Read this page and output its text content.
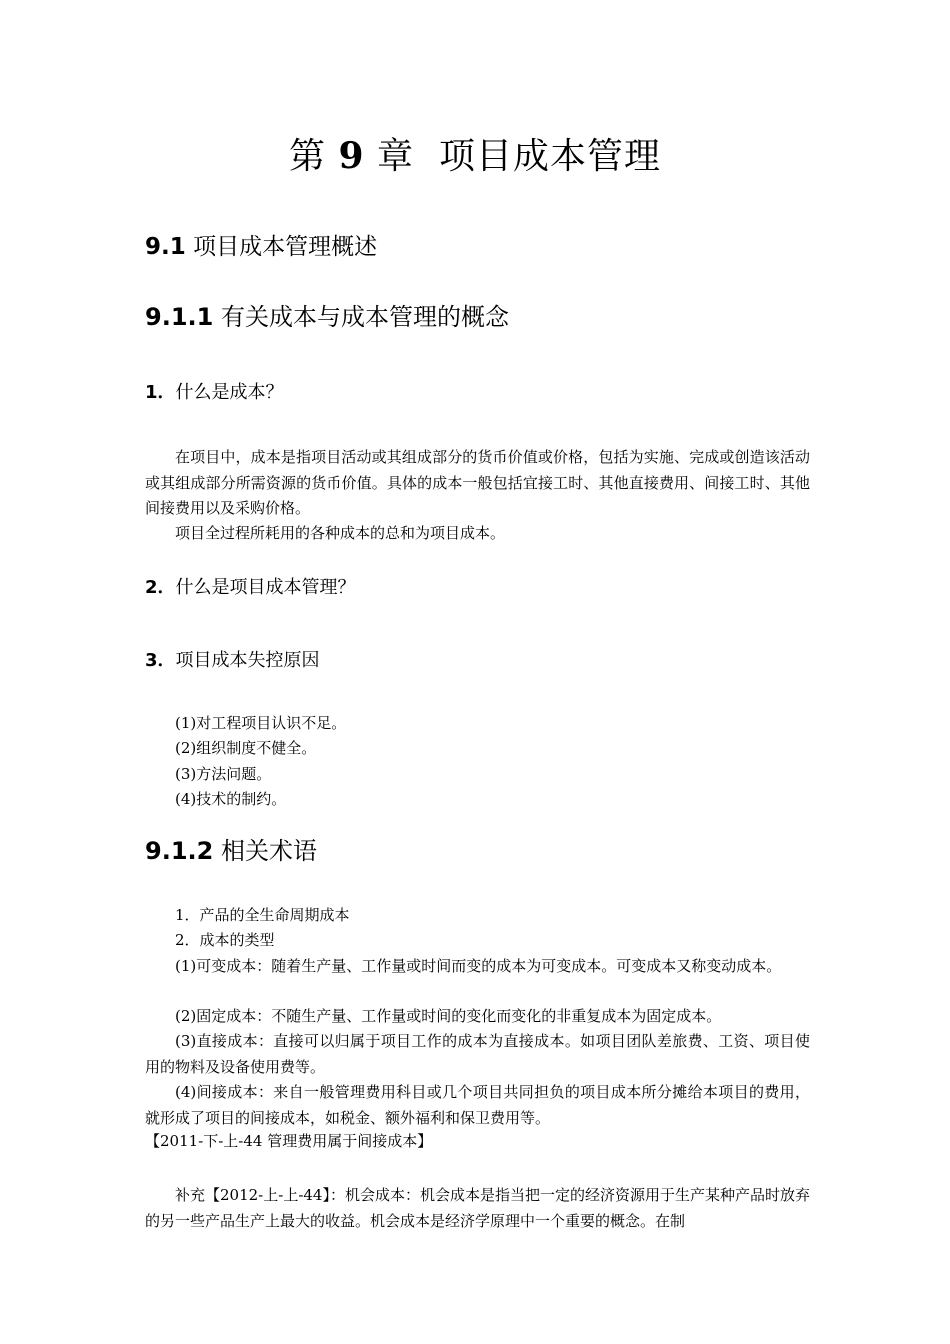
第 9 章 项目成本管理
9.1 项目成本管理概述
9.1.1 有关成本与成本管理的概念
1．什么是成本？

在项目中，成本是指项目活动或其组成部分的货币价值或价格，包括为实施、完成或创造该活动或其组成部分所需资源的货币价值。具体的成本一般包括宜接工时、其他直接费用、间接工时、其他间接费用以及采购价格。

项目全过程所耗用的各种成本的总和为项目成本。

2．什么是项目成本管理？
3．项目成本失控原因

(1)对工程项目认识不足。

(2)组织制度不健全。

(3)方法问题。

(4)技术的制约。

9.1.2 相关术语

1．产品的全生命周期成本

2．成本的类型

(1)可变成本：随着生产量、工作量或时间而变的成本为可变成本。可变成本又称变动成本。

(2)固定成本：不随生产量、工作量或时间的变化而变化的非重复成本为固定成本。

(3)直接成本：直接可以归属于项目工作的成本为直接成本。如项目团队差旅费、工资、项目使用的物料及设备使用费等。

(4)间接成本：来自一般管理费用科目或几个项目共同担负的项目成本所分摊给本项目的费用，就形成了项目的间接成本，如税金、额外福利和保卫费用等。

【2011-下-上-44 管理费用属于间接成本】

补充【2012-上-上-44】：机会成本：机会成本是指当把一定的经济资源用于生产某种产品时放弃的另一些产品生产上最大的收益。机会成本是经济学原理中一个重要的概念。在制
